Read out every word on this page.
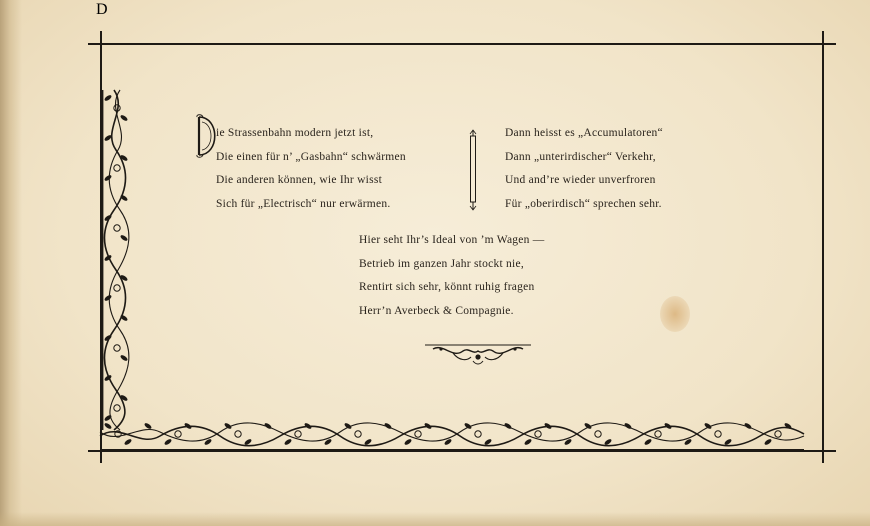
D
ie Strassenbahn modern jetzt ist,
Die einen für n’ „Gasbahn“ schwärmen
Die anderen können, wie Ihr wisst
Sich für „Electrisch“ nur erwärmen.
Dann heisst es „Accumulatoren“
Dann „unterirdischer“ Verkehr,
Und and’re wieder unverfroren
Für „oberirdisch“ sprechen sehr.
Hier seht Ihr’s Ideal von ’m Wagen —
Betrieb im ganzen Jahr stockt nie,
Rentirt sich sehr, könnt ruhig fragen
Herr’n Averbeck & Compagnie.
